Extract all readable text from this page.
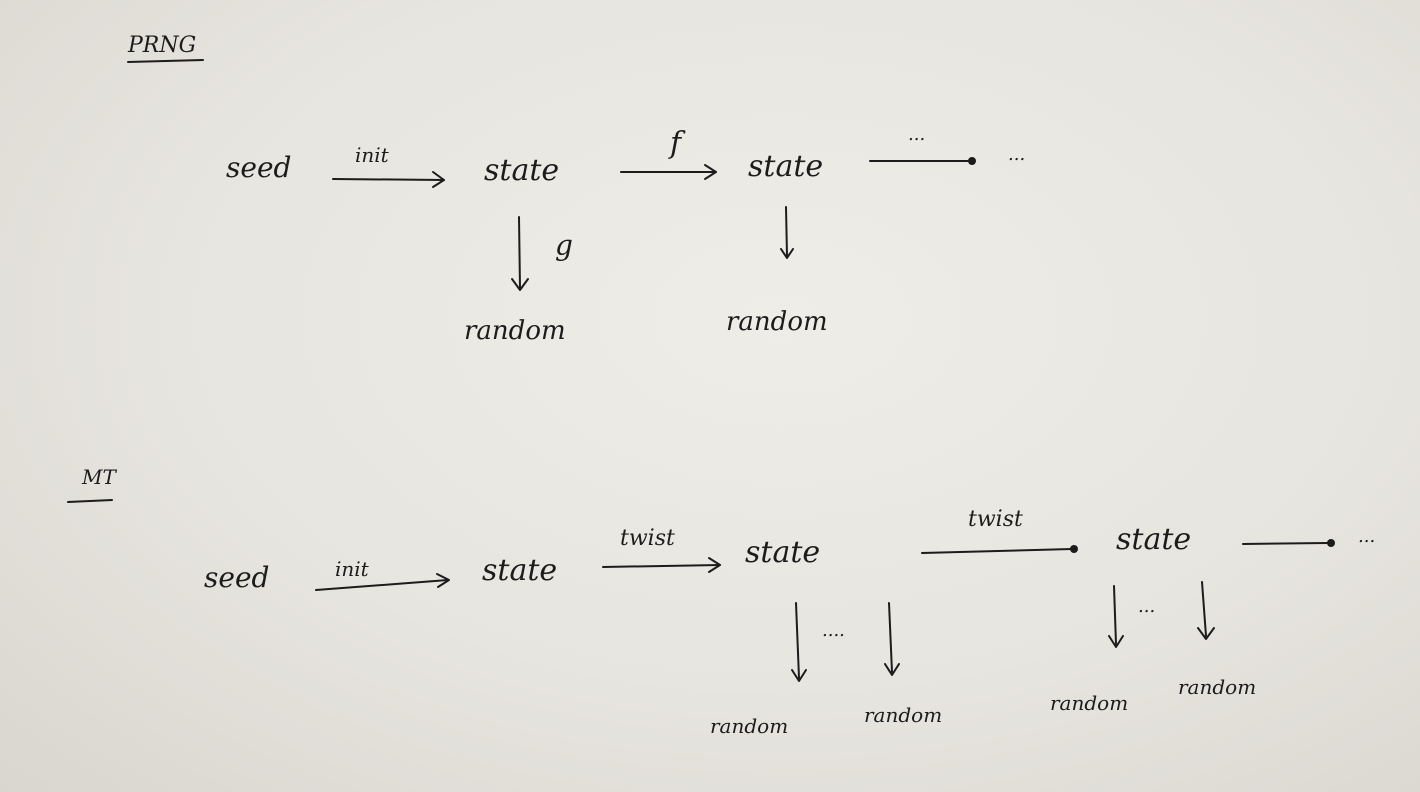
PRNG
seed	init	state
f
state
...
...
g
random	random
MT
seed	init	state
twist state
twist
state	...
....
...
random	random	random
random
